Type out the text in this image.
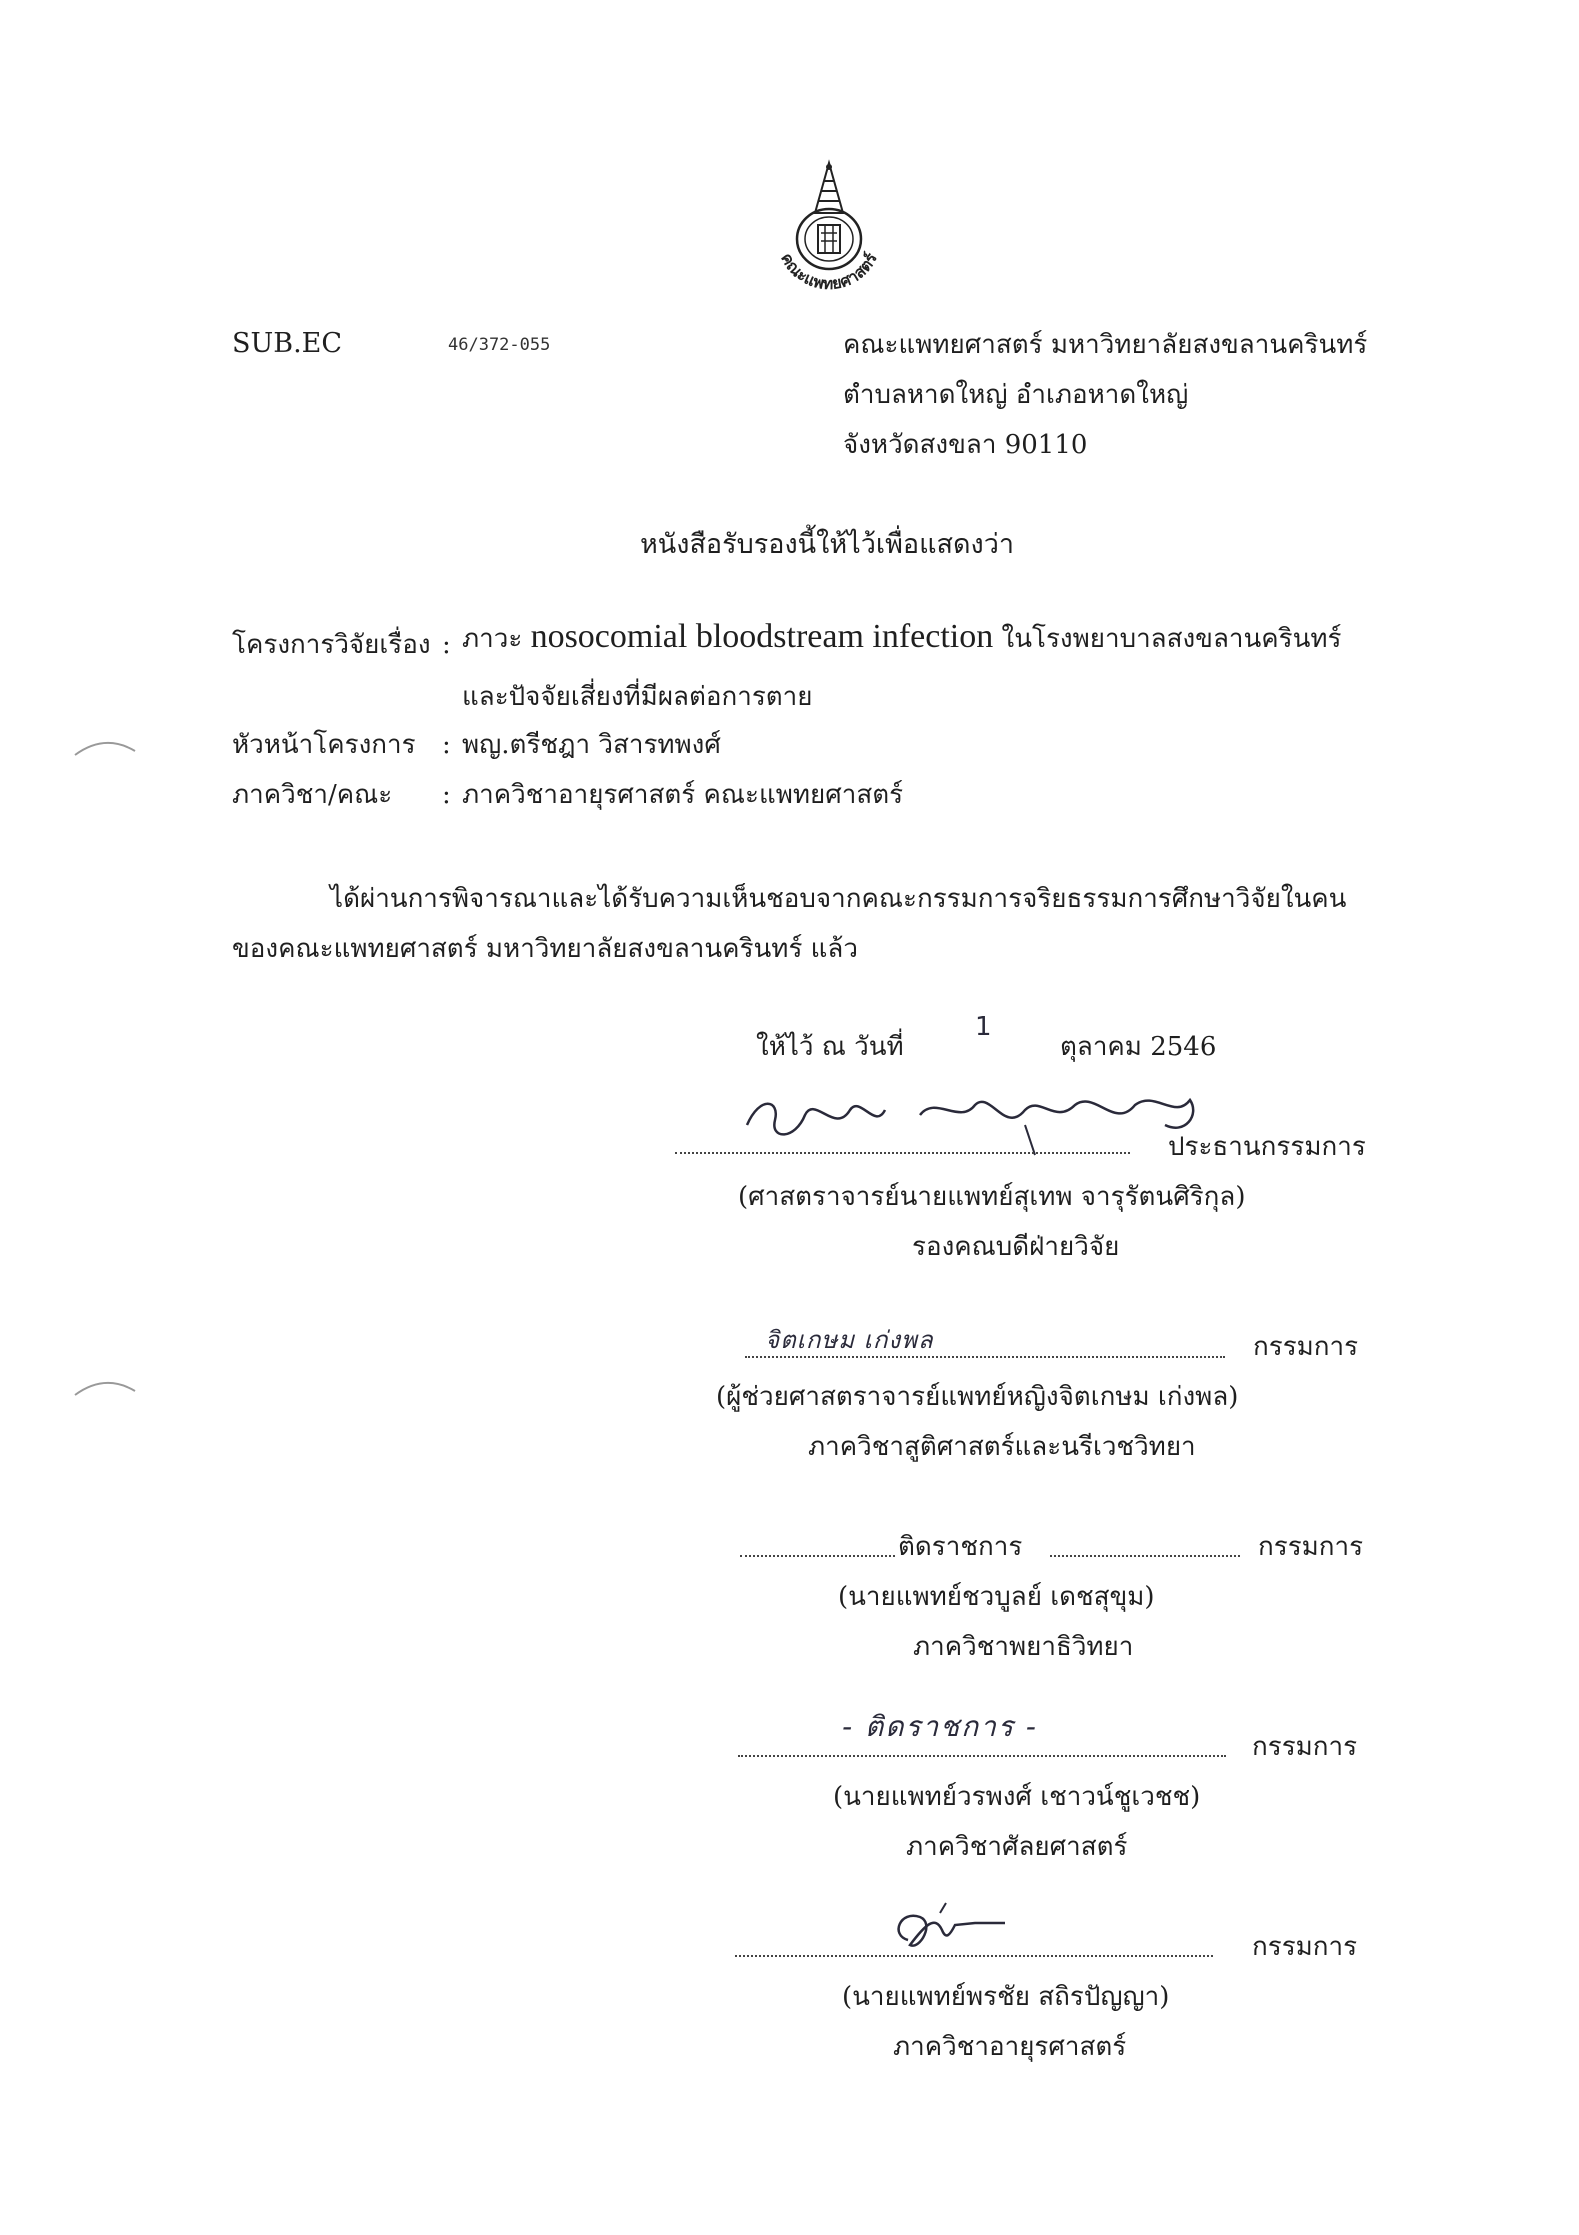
คณะแพทยศาสตร์
SUB.EC	46/372-055	คณะแพทยศาสตร์ มหาวิทยาลัยสงขลานครินทร์
ตำบลหาดใหญ่ อำเภอหาดใหญ่
จังหวัดสงขลา 90110
หนังสือรับรองนี้ให้ไว้เพื่อแสดงว่า
โครงการวิจัยเรื่อง : ภาวะ nosocomial bloodstream infection ในโรงพยาบาลสงขลานครินทร์
และปัจจัยเสี่ยงที่มีผลต่อการตาย
หัวหน้าโครงการ : พญ.ตรีชฎา วิสารทพงศ์
ภาควิชา/คณะ : ภาควิชาอายุรศาสตร์ คณะแพทยศาสตร์
ได้ผ่านการพิจารณาและได้รับความเห็นชอบจากคณะกรรมการจริยธรรมการศึกษาวิจัยในคน
ของคณะแพทยศาสตร์ มหาวิทยาลัยสงขลานครินทร์ แล้ว
ให้ไว้ ณ วันที่
1
ตุลาคม 2546
ประธานกรรมการ
(ศาสตราจารย์นายแพทย์สุเทพ จารุรัตนศิริกุล)
รองคณบดีฝ่ายวิจัย
จิตเกษม เก่งพล	กรรมการ
(ผู้ช่วยศาสตราจารย์แพทย์หญิงจิตเกษม เก่งพล)
ภาควิชาสูติศาสตร์และนรีเวชวิทยา
ติดราชการ	กรรมการ
(นายแพทย์ชวบูลย์ เดชสุขุม)
ภาควิชาพยาธิวิทยา
- ติดราชการ -
กรรมการ
(นายแพทย์วรพงศ์ เชาวน์ชูเวชช)
ภาควิชาศัลยศาสตร์
กรรมการ
(นายแพทย์พรชัย สถิรปัญญา)
ภาควิชาอายุรศาสตร์
